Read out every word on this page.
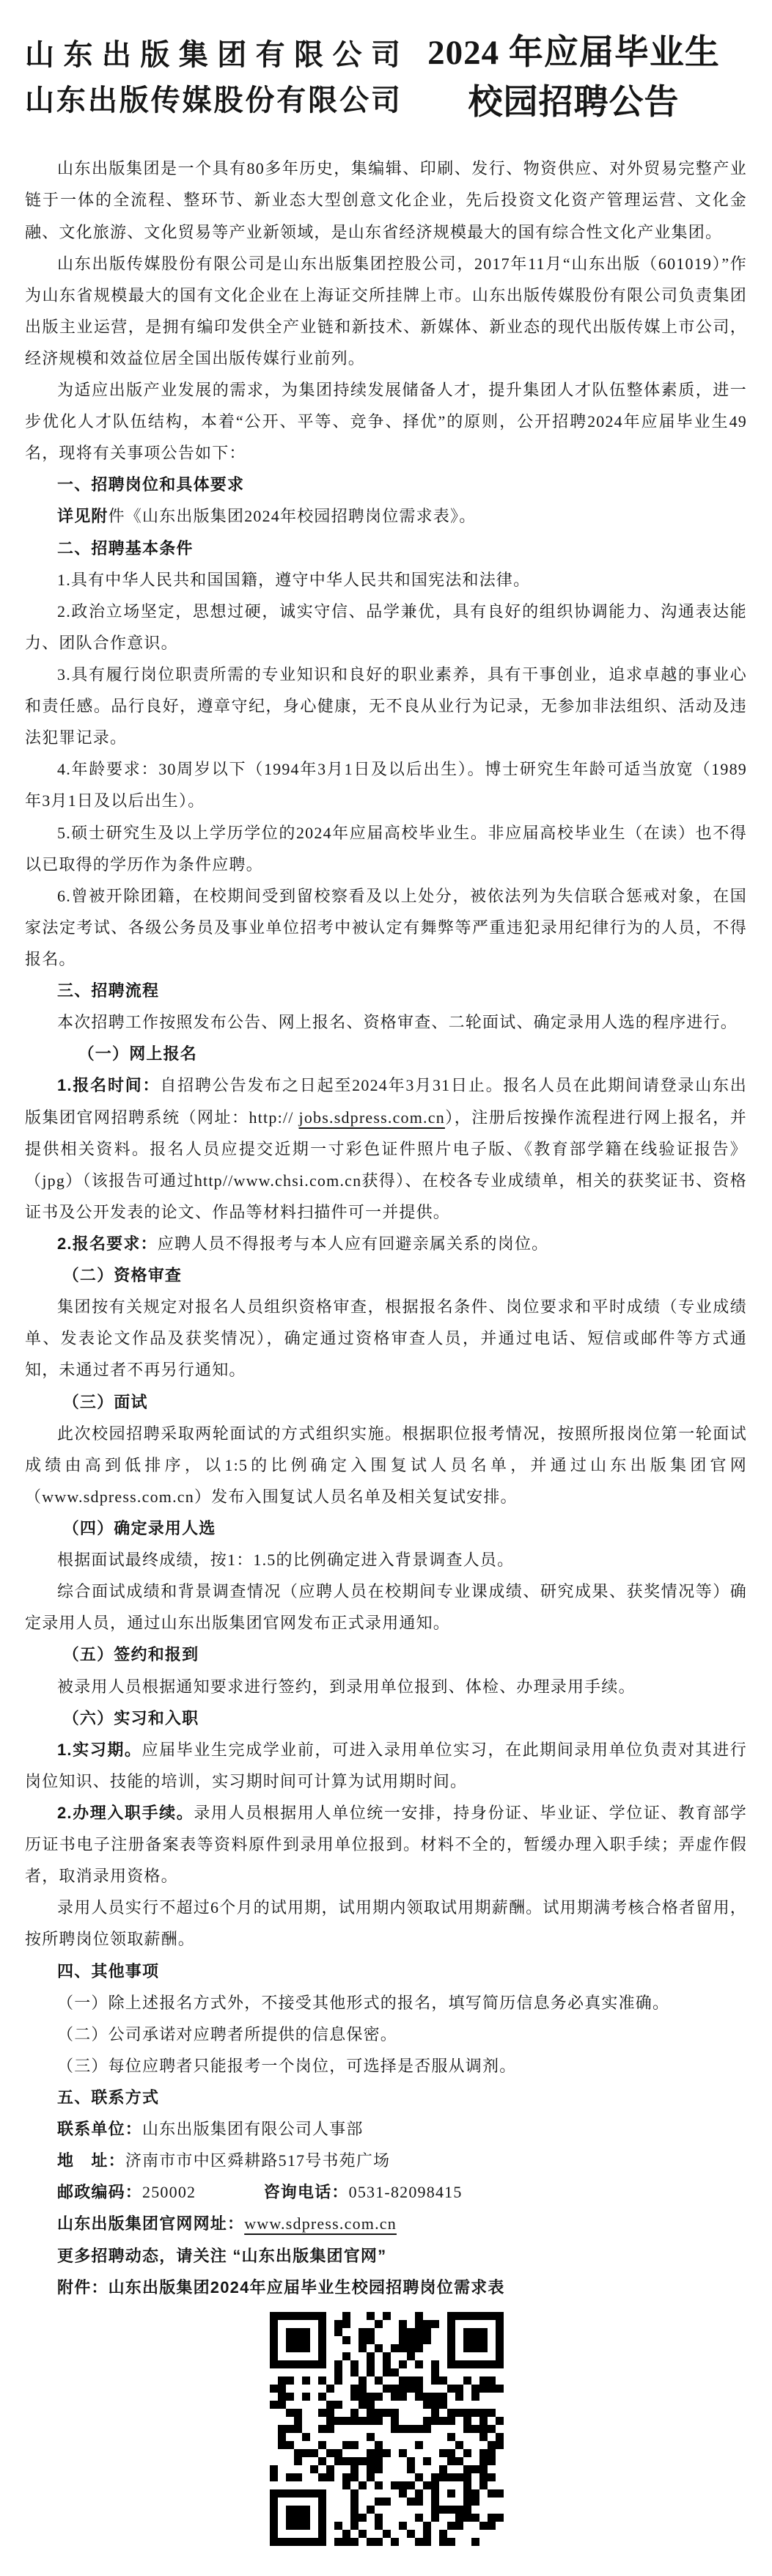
山东出版集团有限公司
山东出版传媒股份有限公司
2024 年应届毕业生
校园招聘公告

山东出版集团是一个具有80多年历史，集编辑、印刷、发行、物资供应、对外贸易完整产业链于一体的全流程、整环节、新业态大型创意文化企业，先后投资文化资产管理运营、文化金融、文化旅游、文化贸易等产业新领域，是山东省经济规模最大的国有综合性文化产业集团。

山东出版传媒股份有限公司是山东出版集团控股公司，2017年11月“山东出版（601019）”作为山东省规模最大的国有文化企业在上海证交所挂牌上市。山东出版传媒股份有限公司负责集团出版主业运营，是拥有编印发供全产业链和新技术、新媒体、新业态的现代出版传媒上市公司，经济规模和效益位居全国出版传媒行业前列。

为适应出版产业发展的需求，为集团持续发展储备人才，提升集团人才队伍整体素质，进一步优化人才队伍结构，本着“公开、平等、竞争、择优”的原则，公开招聘2024年应届毕业生49名，现将有关事项公告如下：

一、招聘岗位和具体要求

详见附件《山东出版集团2024年校园招聘岗位需求表》。

二、招聘基本条件

1.具有中华人民共和国国籍，遵守中华人民共和国宪法和法律。

2.政治立场坚定，思想过硬，诚实守信、品学兼优，具有良好的组织协调能力、沟通表达能力、团队合作意识。

3.具有履行岗位职责所需的专业知识和良好的职业素养，具有干事创业，追求卓越的事业心和责任感。品行良好，遵章守纪，身心健康，无不良从业行为记录，无参加非法组织、活动及违法犯罪记录。

4.年龄要求：30周岁以下（1994年3月1日及以后出生）。博士研究生年龄可适当放宽（1989年3月1日及以后出生）。

5.硕士研究生及以上学历学位的2024年应届高校毕业生。非应届高校毕业生（在读）也不得以已取得的学历作为条件应聘。

6.曾被开除团籍，在校期间受到留校察看及以上处分，被依法列为失信联合惩戒对象，在国家法定考试、各级公务员及事业单位招考中被认定有舞弊等严重违犯录用纪律行为的人员，不得报名。

三、招聘流程

本次招聘工作按照发布公告、网上报名、资格审查、二轮面试、确定录用人选的程序进行。

（一）网上报名

1.报名时间：自招聘公告发布之日起至2024年3月31日止。报名人员在此期间请登录山东出版集团官网招聘系统（网址：http:// jobs.sdpress.com.cn），注册后按操作流程进行网上报名，并提供相关资料。报名人员应提交近期一寸彩色证件照片电子版、《教育部学籍在线验证报告》（jpg）（该报告可通过http//www.chsi.com.cn获得）、在校各专业成绩单，相关的获奖证书、资格证书及公开发表的论文、作品等材料扫描件可一并提供。

2.报名要求：应聘人员不得报考与本人应有回避亲属关系的岗位。

（二）资格审查

集团按有关规定对报名人员组织资格审查，根据报名条件、岗位要求和平时成绩（专业成绩单、发表论文作品及获奖情况），确定通过资格审查人员，并通过电话、短信或邮件等方式通知，未通过者不再另行通知。

（三）面试

此次校园招聘采取两轮面试的方式组织实施。根据职位报考情况，按照所报岗位第一轮面试成绩由高到低排序，以1:5的比例确定入围复试人员名单，并通过山东出版集团官网（www.sdpress.com.cn）发布入围复试人员名单及相关复试安排。

（四）确定录用人选

根据面试最终成绩，按1：1.5的比例确定进入背景调查人员。

综合面试成绩和背景调查情况（应聘人员在校期间专业课成绩、研究成果、获奖情况等）确定录用人员，通过山东出版集团官网发布正式录用通知。

（五）签约和报到

被录用人员根据通知要求进行签约，到录用单位报到、体检、办理录用手续。

（六）实习和入职

1.实习期。应届毕业生完成学业前，可进入录用单位实习，在此期间录用单位负责对其进行岗位知识、技能的培训，实习期时间可计算为试用期时间。

2.办理入职手续。录用人员根据用人单位统一安排，持身份证、毕业证、学位证、教育部学历证书电子注册备案表等资料原件到录用单位报到。材料不全的，暂缓办理入职手续；弄虚作假者，取消录用资格。

录用人员实行不超过6个月的试用期，试用期内领取试用期薪酬。试用期满考核合格者留用，按所聘岗位领取薪酬。

四、其他事项

（一）除上述报名方式外，不接受其他形式的报名，填写简历信息务必真实准确。

（二）公司承诺对应聘者所提供的信息保密。

（三）每位应聘者只能报考一个岗位，可选择是否服从调剂。

五、联系方式

联系单位：山东出版集团有限公司人事部

地　址：济南市市中区舜耕路517号书苑广场

邮政编码：250002	咨询电话：0531-82098415

山东出版集团官网网址：www.sdpress.com.cn

更多招聘动态，请关注 “山东出版集团官网”

附件：山东出版集团2024年应届毕业生校园招聘岗位需求表
